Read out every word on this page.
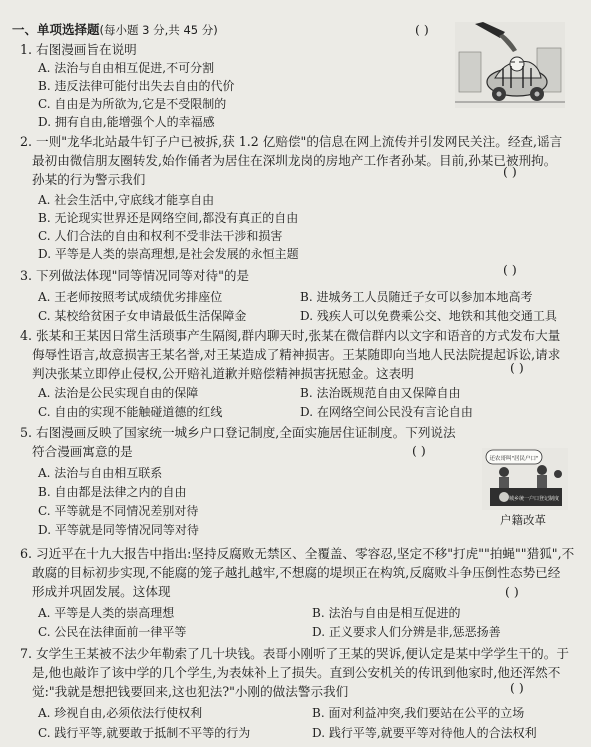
一、单项选择题(每小题 3 分,共 45 分)	( )
1. 右图漫画旨在说明
A. 法治与自由相互促进,不可分割
B. 违反法律可能付出失去自由的代价
C. 自由是为所欲为,它是不受限制的
D. 拥有自由,能增强个人的幸福感
2. 一则"龙华北站最牛钉子户已被拆,获 1.2 亿赔偿"的信息在网上流传并引发网民关注。经查,谣言
最初由微信朋友圈转发,始作俑者为居住在深圳龙岗的房地产工作者孙某。目前,孙某已被刑拘。
孙某的行为警示我们
( )
A. 社会生活中,守底线才能享自由
B. 无论现实世界还是网络空间,都没有真正的自由
C. 人们合法的自由和权利不受非法干涉和损害
D. 平等是人类的崇高理想,是社会发展的永恒主题
3. 下列做法体现"同等情况同等对待"的是	( )
A. 王老师按照考试成绩优劣排座位	B. 进城务工人员随迁子女可以参加本地高考
C. 某校给贫困子女申请最低生活保障金	D. 残疾人可以免费乘公交、地铁和其他交通工具
4. 张某和王某因日常生活琐事产生隔阂,群内聊天时,张某在微信群内以文字和语音的方式发布大量
侮辱性语言,故意损害王某名誉,对王某造成了精神损害。王某随即向当地人民法院提起诉讼,请求
判决张某立即停止侵权,公开赔礼道歉并赔偿精神损害抚慰金。这表明	( )
A. 法治是公民实现自由的保障	B. 法治既规范自由又保障自由
C. 自由的实现不能触碰道德的红线	D. 在网络空间公民没有言论自由
5. 右图漫画反映了国家统一城乡户口登记制度,全面实施居住证制度。下列说法
符合漫画寓意的是	( )
A. 法治与自由相互联系
B. 自由都是法律之内的自由
C. 平等就是不同情况差别对待
D. 平等就是同等情况同等对待
还农哥叫"居民户口"
城乡统一户口登记制度
户籍改革
6. 习近平在十九大报告中指出:坚持反腐败无禁区、全覆盖、零容忍,坚定不移"打虎""拍蝇""猎狐",不
敢腐的目标初步实现,不能腐的笼子越扎越牢,不想腐的堤坝正在构筑,反腐败斗争压倒性态势已经
形成并巩固发展。这体现	( )
A. 平等是人类的崇高理想	B. 法治与自由是相互促进的
C. 公民在法律面前一律平等	D. 正义要求人们分辨是非,惩恶扬善
7. 女学生王某被不法少年勒索了几十块钱。表哥小刚听了王某的哭诉,便认定是某中学学生干的。于
是,他也敲诈了该中学的几个学生,为表妹补上了损失。直到公安机关的传讯到他家时,他还浑然不
觉:"我就是想把钱要回来,这也犯法?"小刚的做法警示我们	( )
A. 珍视自由,必须依法行使权利	B. 面对利益冲突,我们要站在公平的立场
C. 践行平等,就要敢于抵制不平等的行为	D. 践行平等,就要平等对待他人的合法权利
